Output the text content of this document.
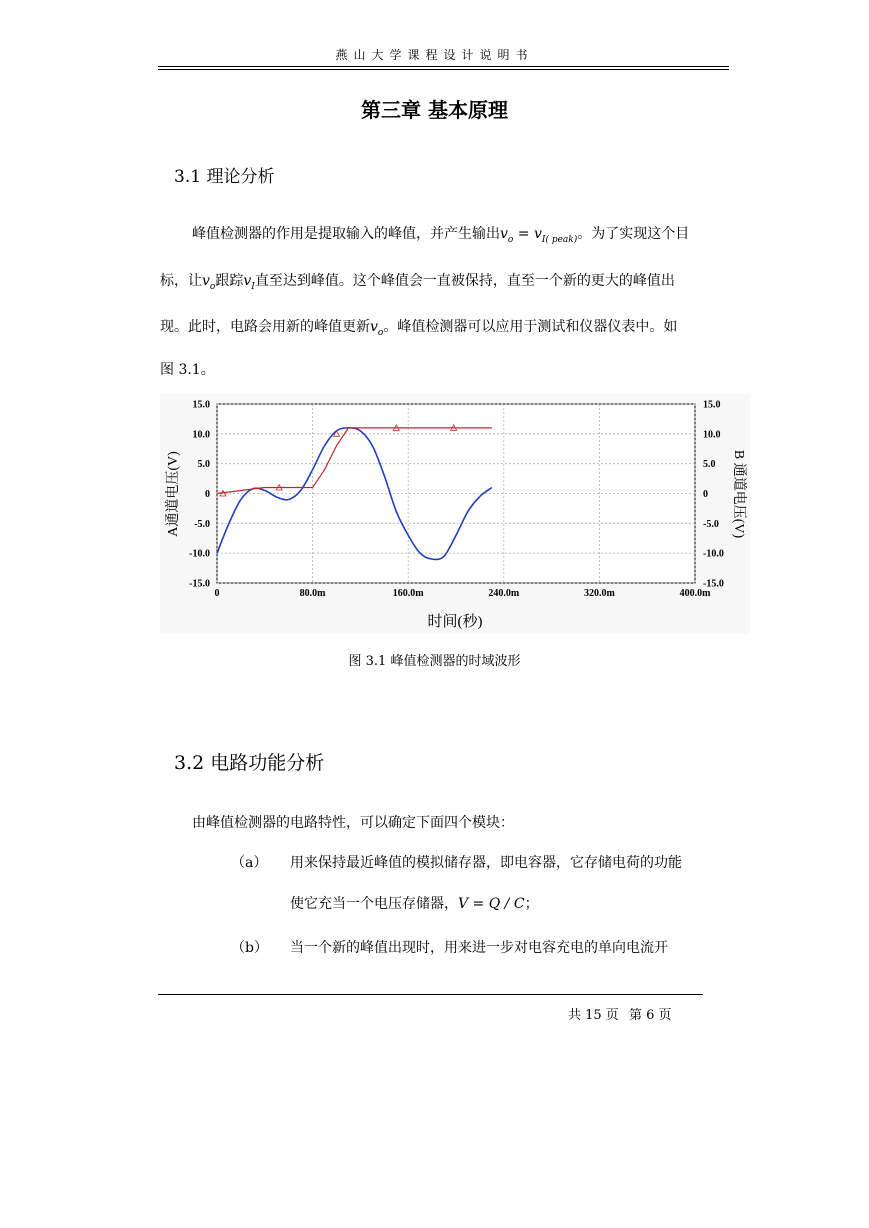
燕山大学课程设计说明书
第三章 基本原理
3.1 理论分析
峰值检测器的作用是提取输入的峰值，并产生输出$v_o = v_{I( peak)}$。为了实现这个目
标，让$v_o$跟踪$v_I$直至达到峰值。这个峰值会一直被保持，直至一个新的更大的峰值出
现。此时，电路会用新的峰值更新$v_o$。峰值检测器可以应用于测试和仪器仪表中。如
图 3.1。
0	80.0m	160.0m	240.0m	320.0m	400.0m
15.0	15.0
10.0	10.0
5.0	5.0
0	0
-5.0	-5.0
-10.0	-10.0
-15.0	-15.0
时间(秒)
A通道电压(V)	B 通道电压(V)
图 3.1 峰值检测器的时域波形
3.2 电路功能分析
由峰值检测器的电路特性，可以确定下面四个模块：
（a） 用来保持最近峰值的模拟储存器，即电容器，它存储电荷的功能
使它充当一个电压存储器，V = Q / C；
（b） 当一个新的峰值出现时，用来进一步对电容充电的单向电流开
共 15 页 第 6 页
